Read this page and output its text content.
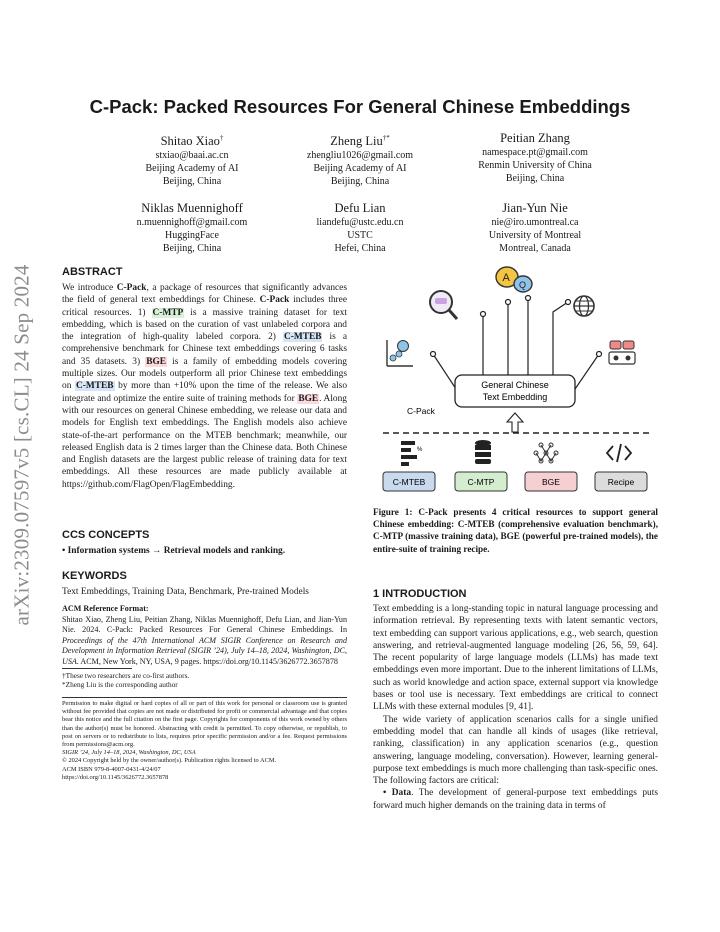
arXiv:2309.07597v5 [cs.CL] 24 Sep 2024
C-Pack: Packed Resources For General Chinese Embeddings
Shitao Xiao†
stxiao@baai.ac.cn
Beijing Academy of AI
Beijing, China
Zheng Liu†*
zhengliu1026@gmail.com
Beijing Academy of AI
Beijing, China
Peitian Zhang
namespace.pt@gmail.com
Renmin University of China
Beijing, China
Niklas Muennighoff
n.muennighoff@gmail.com
HuggingFace
Beijing, China
Defu Lian
liandefu@ustc.edu.cn
USTC
Hefei, China
Jian-Yun Nie
nie@iro.umontreal.ca
University of Montreal
Montreal, Canada
ABSTRACT
We introduce C-Pack, a package of resources that significantly advances the field of general text embeddings for Chinese. C-Pack includes three critical resources. 1) C-MTP is a massive training dataset for text embedding, which is based on the curation of vast unlabeled corpora and the integration of high-quality labeled corpora. 2) C-MTEB is a comprehensive benchmark for Chinese text embeddings covering 6 tasks and 35 datasets. 3) BGE is a family of embedding models covering multiple sizes. Our models outperform all prior Chinese text embeddings on C-MTEB by more than +10% upon the time of the release. We also integrate and optimize the entire suite of training methods for BGE. Along with our resources on general Chinese embedding, we release our data and models for English text embeddings. The English models also achieve state-of-the-art performance on the MTEB benchmark; meanwhile, our released English data is 2 times larger than the Chinese data. Both Chinese and English datasets are the largest public release of training data for text embeddings. All these resources are made publicly available at https://github.com/FlagOpen/FlagEmbedding.
CCS CONCEPTS
• Information systems → Retrieval models and ranking.
KEYWORDS
Text Embeddings, Training Data, Benchmark, Pre-trained Models
ACM Reference Format:
Shitao Xiao, Zheng Liu, Peitian Zhang, Niklas Muennighoff, Defu Lian, and Jian-Yun Nie. 2024. C-Pack: Packed Resources For General Chinese Embeddings. In Proceedings of the 47th International ACM SIGIR Conference on Research and Development in Information Retrieval (SIGIR ’24), July 14–18, 2024, Washington, DC, USA. ACM, New York, NY, USA, 9 pages. https://doi.org/10.1145/3626772.3657878
†These two researchers are co-first authors.
*Zheng Liu is the corresponding author
Permission to make digital or hard copies of all or part of this work for personal or classroom use is granted without fee provided that copies are not made or distributed for profit or commercial advantage and that copies bear this notice and the full citation on the first page. Copyrights for components of this work owned by others than the author(s) must be honored. Abstracting with credit is permitted. To copy otherwise, or republish, to post on servers or to redistribute to lists, requires prior specific permission and/or a fee. Request permissions from permissions@acm.org.
SIGIR ’24, July 14–18, 2024, Washington, DC, USA
© 2024 Copyright held by the owner/author(s). Publication rights licensed to ACM.
ACM ISBN 979-8-4007-0431-4/24/07
https://doi.org/10.1145/3626772.3657878
A
Q
General Chinese
Text Embedding
C-Pack
%
C-MTEB	C-MTP	BGE	Recipe
Figure 1: C-Pack presents 4 critical resources to support general Chinese embedding: C-MTEB (comprehensive evaluation benchmark), C-MTP (massive training data), BGE (powerful pre-trained models), the entire-suite of training recipe.
1 INTRODUCTION

Text embedding is a long-standing topic in natural language processing and information retrieval. By representing texts with latent semantic vectors, text embedding can support various applications, e.g., web search, question answering, and retrieval-augmented language modeling [26, 56, 59, 64]. The recent popularity of large language models (LLMs) has made text embeddings even more important. Due to the inherent limitations of LLMs, such as world knowledge and action space, external support via knowledge bases or tool use is necessary. Text embeddings are critical to connect LLMs with these external modules [9, 41].

The wide variety of application scenarios calls for a single unified embedding model that can handle all kinds of usages (like retrieval, ranking, classification) in any application scenarios (e.g., question answering, language modeling, conversation). However, learning general-purpose text embeddings is much more challenging than task-specific ones. The following factors are critical:

• Data. The development of general-purpose text embeddings puts forward much higher demands on the training data in terms of
